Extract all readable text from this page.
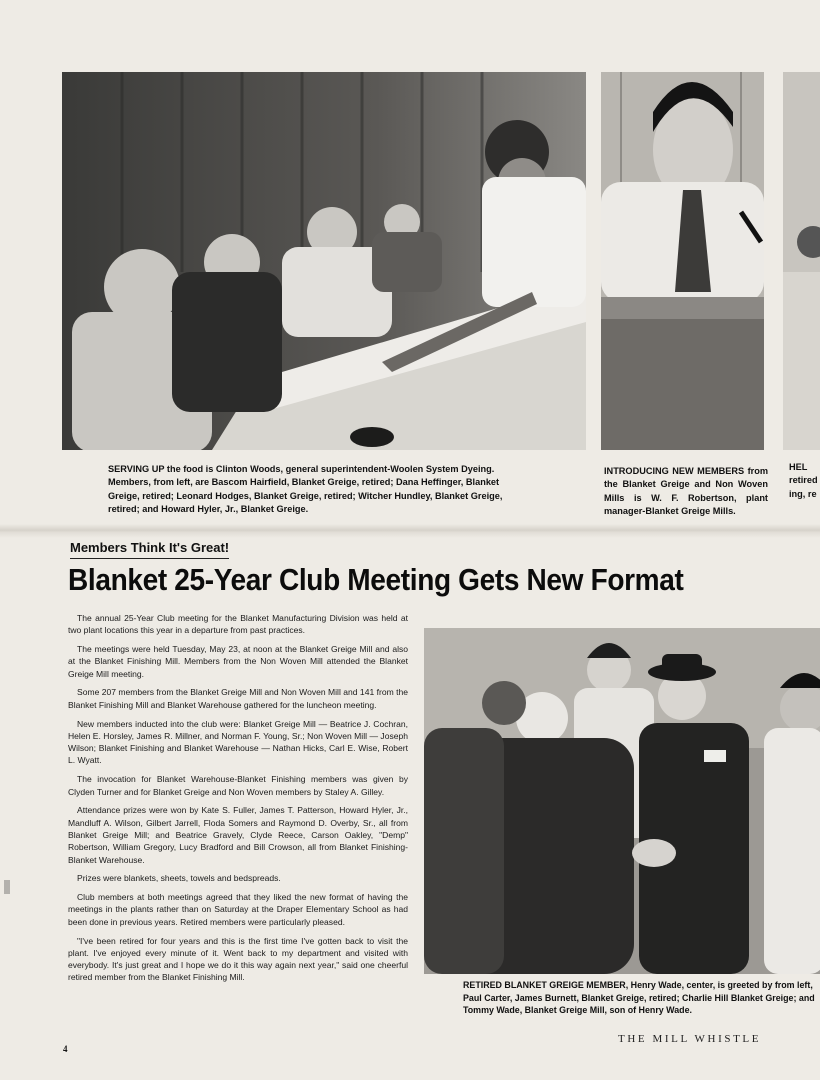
SERVING UP the food is Clinton Woods, general superintendent-Woolen System Dyeing. Members, from left, are Bascom Hairfield, Blanket Greige, retired; Dana Heffinger, Blanket Greige, retired; Leonard Hodges, Blanket Greige, retired; Witcher Hundley, Blanket Greige, retired; and Howard Hyler, Jr., Blanket Greige.

INTRODUCING NEW MEMBERS from the Blanket Greige and Non Woven Mills is W. F. Robertson, plant manager-Blanket Greige Mills.

HEL retired ing, re

Members Think It's Great!
Blanket 25-Year Club Meeting Gets New Format

The annual 25-Year Club meeting for the Blanket Manufacturing Division was held at two plant locations this year in a departure from past practices.

The meetings were held Tuesday, May 23, at noon at the Blanket Greige Mill and also at the Blanket Finishing Mill. Members from the Non Woven Mill attended the Blanket Greige Mill meeting.

Some 207 members from the Blanket Greige Mill and Non Woven Mill and 141 from the Blanket Finishing Mill and Blanket Warehouse gathered for the luncheon meeting.

New members inducted into the club were: Blanket Greige Mill — Beatrice J. Cochran, Helen E. Horsley, James R. Millner, and Norman F. Young, Sr.; Non Woven Mill — Joseph Wilson; Blanket Finishing and Blanket Warehouse — Nathan Hicks, Carl E. Wise, Robert L. Wyatt.

The invocation for Blanket Warehouse-Blanket Finishing members was given by Clyden Turner and for Blanket Greige and Non Woven members by Staley A. Gilley.

Attendance prizes were won by Kate S. Fuller, James T. Patterson, Howard Hyler, Jr., Mandluff A. Wilson, Gilbert Jarrell, Floda Somers and Raymond D. Overby, Sr., all from Blanket Greige Mill; and Beatrice Gravely, Clyde Reece, Carson Oakley, "Demp" Robertson, William Gregory, Lucy Bradford and Bill Crowson, all from Blanket Finishing-Blanket Warehouse.

Prizes were blankets, sheets, towels and bedspreads.

Club members at both meetings agreed that they liked the new format of having the meetings in the plants rather than on Saturday at the Draper Elementary School as had been done in previous years. Retired members were particularly pleased.

"I've been retired for four years and this is the first time I've gotten back to visit the plant. I've enjoyed every minute of it. Went back to my department and visited with everybody. It's just great and I hope we do it this way again next year," said one cheerful retired member from the Blanket Finishing Mill.

RETIRED BLANKET GREIGE MEMBER, Henry Wade, center, is greeted by from left, Paul Carter, James Burnett, Blanket Greige, retired; Charlie Hill Blanket Greige; and Tommy Wade, Blanket Greige Mill, son of Henry Wade.

4
THE MILL WHISTLE
